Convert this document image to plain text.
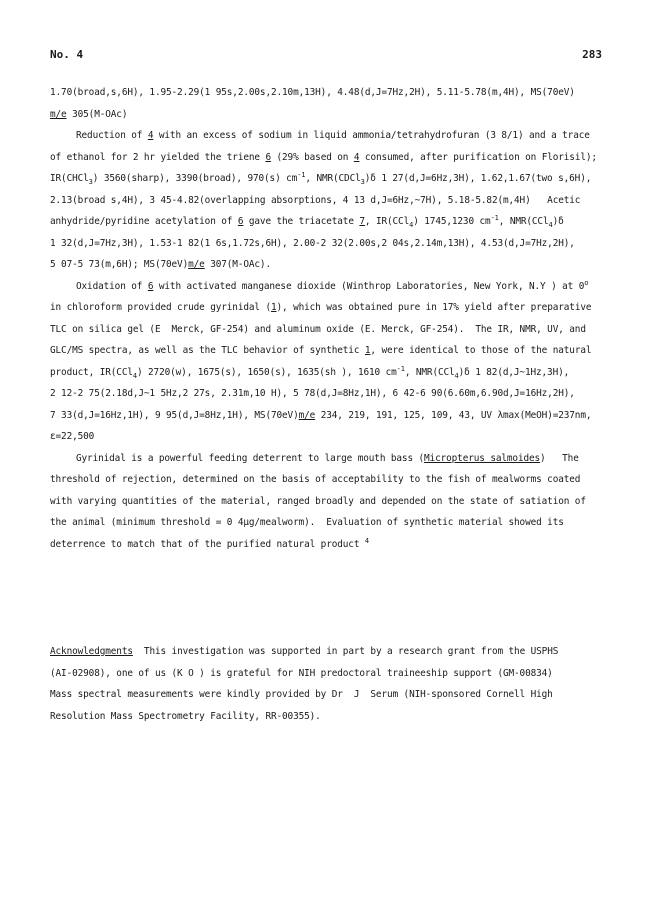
No. 4	283
1.70(broad,s,6H), 1.95-2.29(1 95s,2.00s,2.10m,13H), 4.48(d,J=7Hz,2H), 5.11-5.78(m,4H), MS(70eV)
m/e 305(M-OAc)
Reduction of 4 with an excess of sodium in liquid ammonia/tetrahydrofuran (3 8/1) and a trace
of ethanol for 2 hr yielded the triene 6 (29% based on 4 consumed, after purification on Florisil);
IR(CHCl$_3$) 3560(sharp), 3390(broad), 970(s) $cm^{-1}$, NMR(CDCl$_3$)δ 1 27(d,J=6Hz,3H), 1.62,1.67(two s,6H),
2.13(broad s,4H), 3 45-4.82(overlapping absorptions, 4 13 d,J=6Hz,~7H), 5.18-5.82(m,4H)   Acetic
anhydride/pyridine acetylation of 6 gave the triacetate 7, IR(CCl$_4$) 1745,1230 $cm^{-1}$, NMR(CCl$_4$)δ
1 32(d,J=7Hz,3H), 1.53-1 82(1 6s,1.72s,6H), 2.00-2 32(2.00s,2 04s,2.14m,13H), 4.53(d,J=7Hz,2H),
5 07-5 73(m,6H); MS(70eV)m/e 307(M-OAc).
Oxidation of 6 with activated manganese dioxide (Winthrop Laboratories, New York, N.Y ) at 0$^o$
in chloroform provided crude gyrinidal (1), which was obtained pure in 17% yield after preparative
TLC on silica gel (E  Merck, GF-254) and aluminum oxide (E. Merck, GF-254).  The IR, NMR, UV, and
GLC/MS spectra, as well as the TLC behavior of synthetic 1, were identical to those of the natural
product, IR(CCl$_4$) 2720(w), 1675(s), 1650(s), 1635(sh ), 1610 $cm^{-1}$, NMR(CCl$_4$)δ 1 82(d,J~1Hz,3H),
2 12-2 75(2.18d,J~1 5Hz,2 27s, 2.31m,10 H), 5 78(d,J=8Hz,1H), 6 42-6 90(6.60m,6.90d,J=16Hz,2H),
7 33(d,J=16Hz,1H), 9 95(d,J=8Hz,1H), MS(70eV)m/e 234, 219, 191, 125, 109, 43, UV λmax(MeOH)=237nm,
ε=22,500
Gyrinidal is a powerful feeding deterrent to large mouth bass (Micropterus salmoides)   The
threshold of rejection, determined on the basis of acceptability to the fish of mealworms coated
with varying quantities of the material, ranged broadly and depended on the state of satiation of
the animal (minimum threshold = 0 4μg/mealworm).  Evaluation of synthetic material showed its
deterrence to match that of the purified natural product $^4$
Acknowledgments  This investigation was supported in part by a research grant from the USPHS
(AI-02908), one of us (K O ) is grateful for NIH predoctoral traineeship support (GM-00834)
Mass spectral measurements were kindly provided by Dr  J  Serum (NIH-sponsored Cornell High
Resolution Mass Spectrometry Facility, RR-00355).
